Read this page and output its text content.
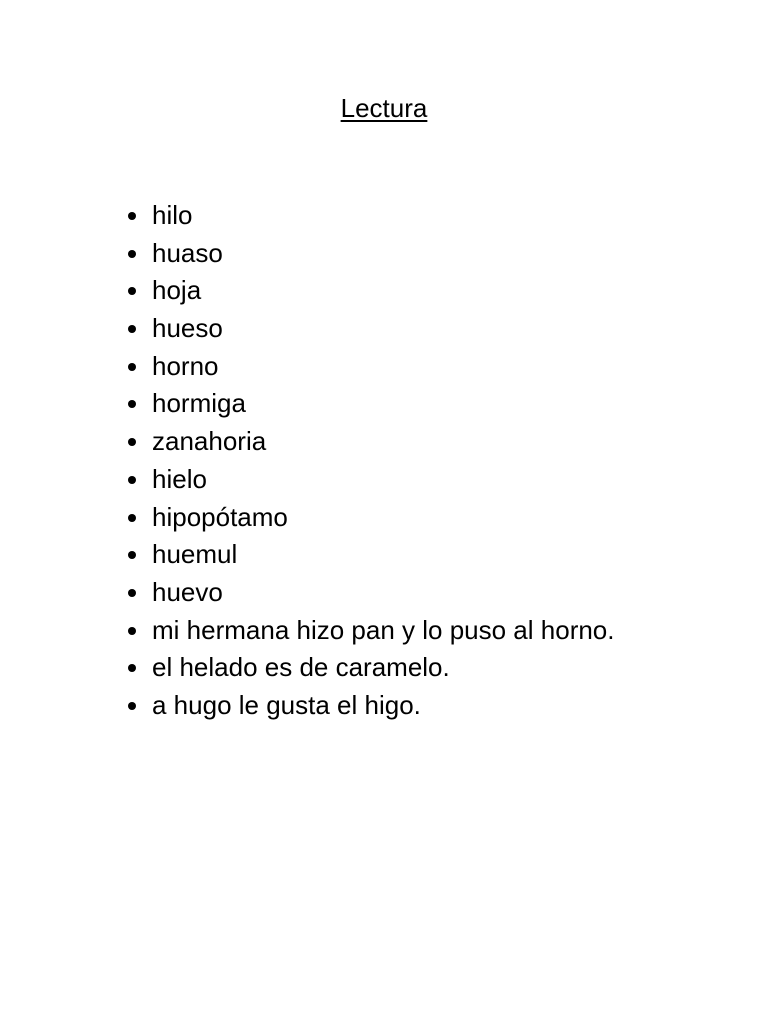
Lectura
hilo
huaso
hoja
hueso
horno
hormiga
zanahoria
hielo
hipopótamo
huemul
huevo
mi hermana hizo pan y lo puso al horno.
el helado es de caramelo.
a hugo le gusta el higo.
